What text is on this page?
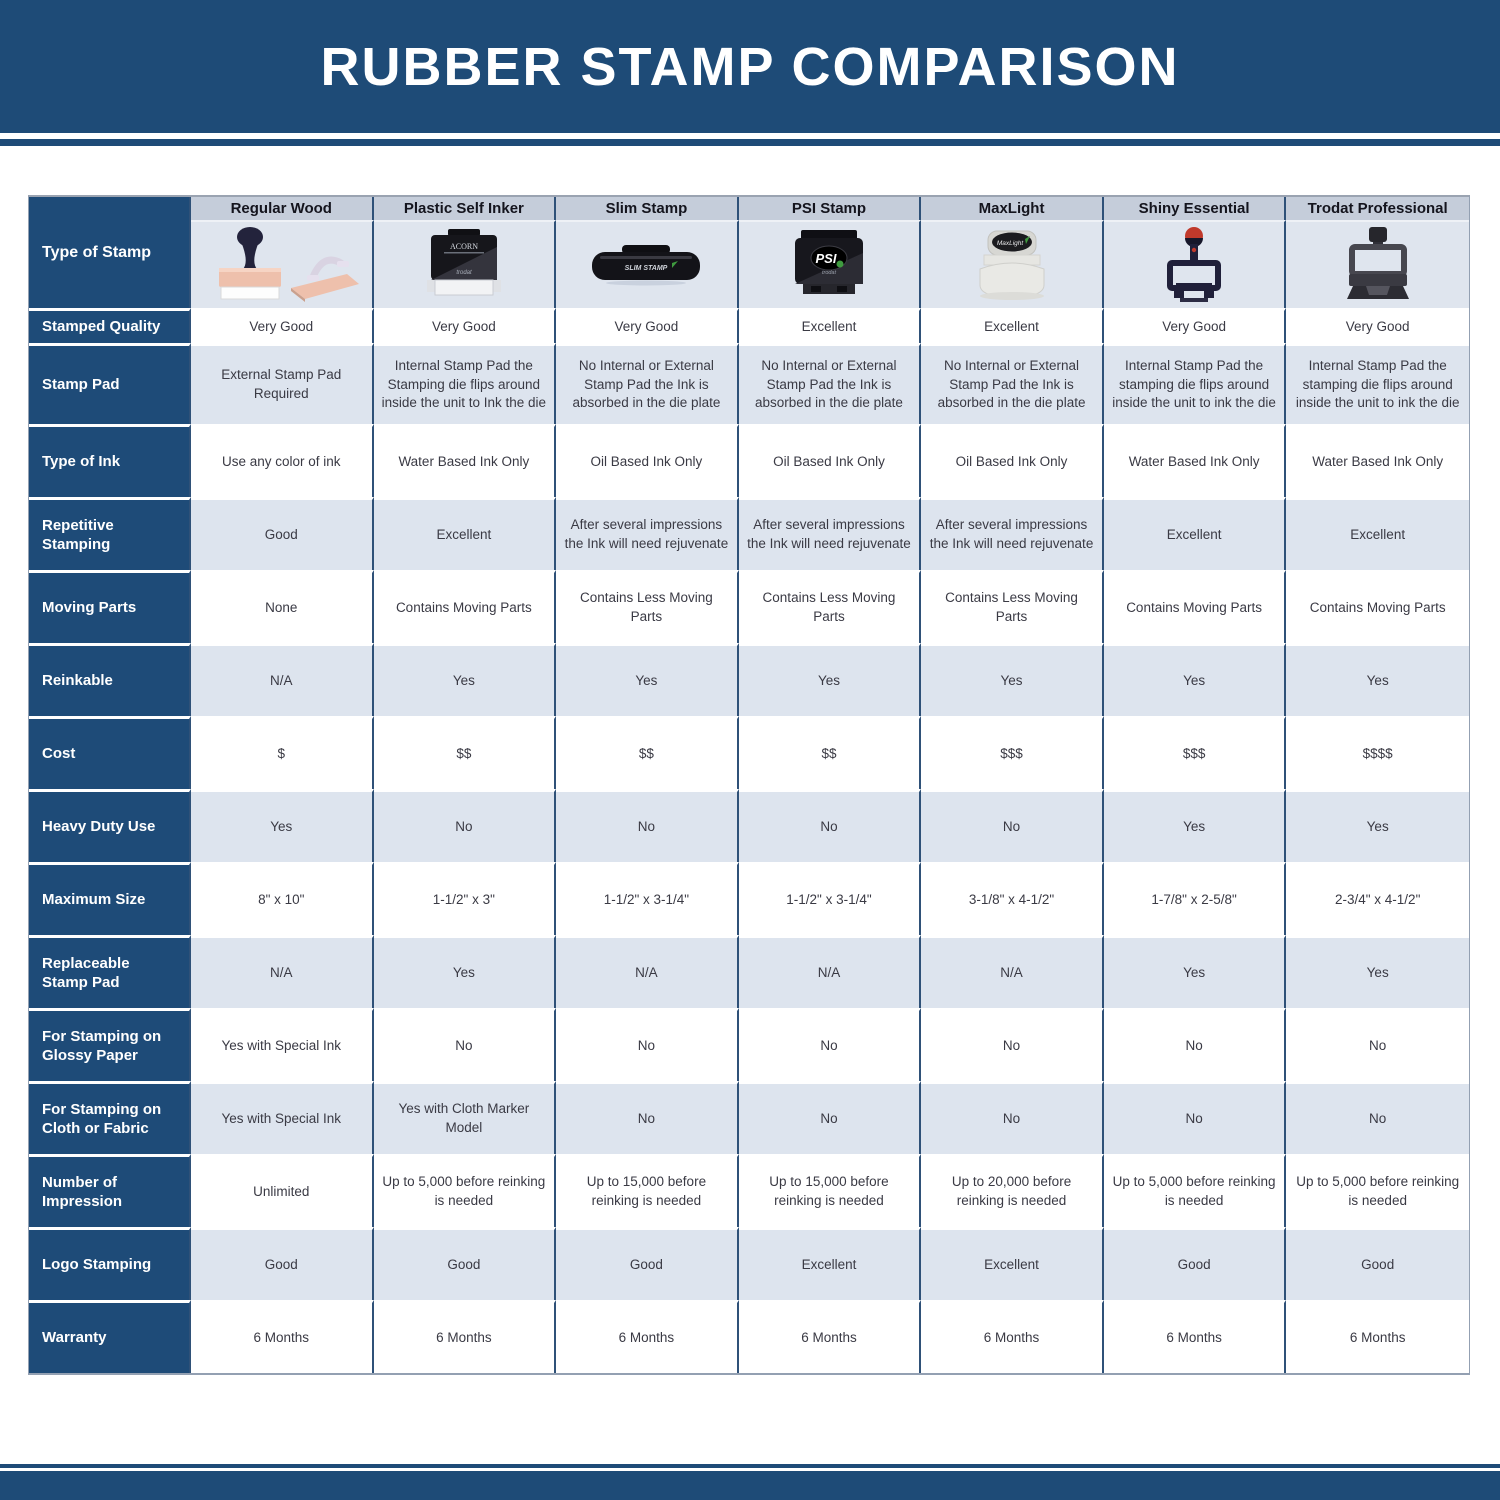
RUBBER STAMP COMPARISON
Type of Stamp	Regular Wood	Plastic Self Inker	Slim Stamp	PSI Stamp	MaxLight	Shiny Essential	Trodat Professional

ACORN
trodat	SLIM STAMP	PSI
trodat	MaxLight

Stamped Quality	Very Good	Very Good	Very Good	Excellent	Excellent	Very Good	Very Good
Stamp Pad	External Stamp Pad Required	Internal Stamp Pad the Stamping die flips around inside the unit to Ink the die	No Internal or External Stamp Pad the Ink is absorbed in the die plate	No Internal or External Stamp Pad the Ink is absorbed in the die plate	No Internal or External Stamp Pad the Ink is absorbed in the die plate	Internal Stamp Pad the stamping die flips around inside the unit to ink the die	Internal Stamp Pad the stamping die flips around inside the unit to ink the die
Type of Ink	Use any color of ink	Water Based Ink Only	Oil Based Ink Only	Oil Based Ink Only	Oil Based Ink Only	Water Based Ink Only	Water Based Ink Only
Repetitive Stamping	Good	Excellent	After several impressions the Ink will need rejuvenate	After several impressions the Ink will need rejuvenate	After several impressions the Ink will need rejuvenate	Excellent	Excellent
Moving Parts	None	Contains Moving Parts	Contains Less Moving Parts	Contains Less Moving Parts	Contains Less Moving Parts	Contains Moving Parts	Contains Moving Parts
Reinkable	N/A	Yes	Yes	Yes	Yes	Yes	Yes
Cost	$	$$	$$	$$	$$$	$$$	$$$$
Heavy Duty Use	Yes	No	No	No	No	Yes	Yes
Maximum Size	8" x 10"	1-1/2" x 3"	1-1/2" x 3-1/4"	1-1/2" x 3-1/4"	3-1/8" x 4-1/2"	1-7/8" x 2-5/8"	2-3/4" x 4-1/2"
Replaceable Stamp Pad	N/A	Yes	N/A	N/A	N/A	Yes	Yes
For Stamping on Glossy Paper	Yes with Special Ink	No	No	No	No	No	No
For Stamping on Cloth or Fabric	Yes with Special Ink	Yes with Cloth Marker Model	No	No	No	No	No
Number of Impression	Unlimited	Up to 5,000 before reinking is needed	Up to 15,000 before reinking is needed	Up to 15,000 before reinking is needed	Up to 20,000 before reinking is needed	Up to 5,000 before reinking is needed	Up to 5,000 before reinking is needed
Logo Stamping	Good	Good	Good	Excellent	Excellent	Good	Good
Warranty	6 Months	6 Months	6 Months	6 Months	6 Months	6 Months	6 Months
